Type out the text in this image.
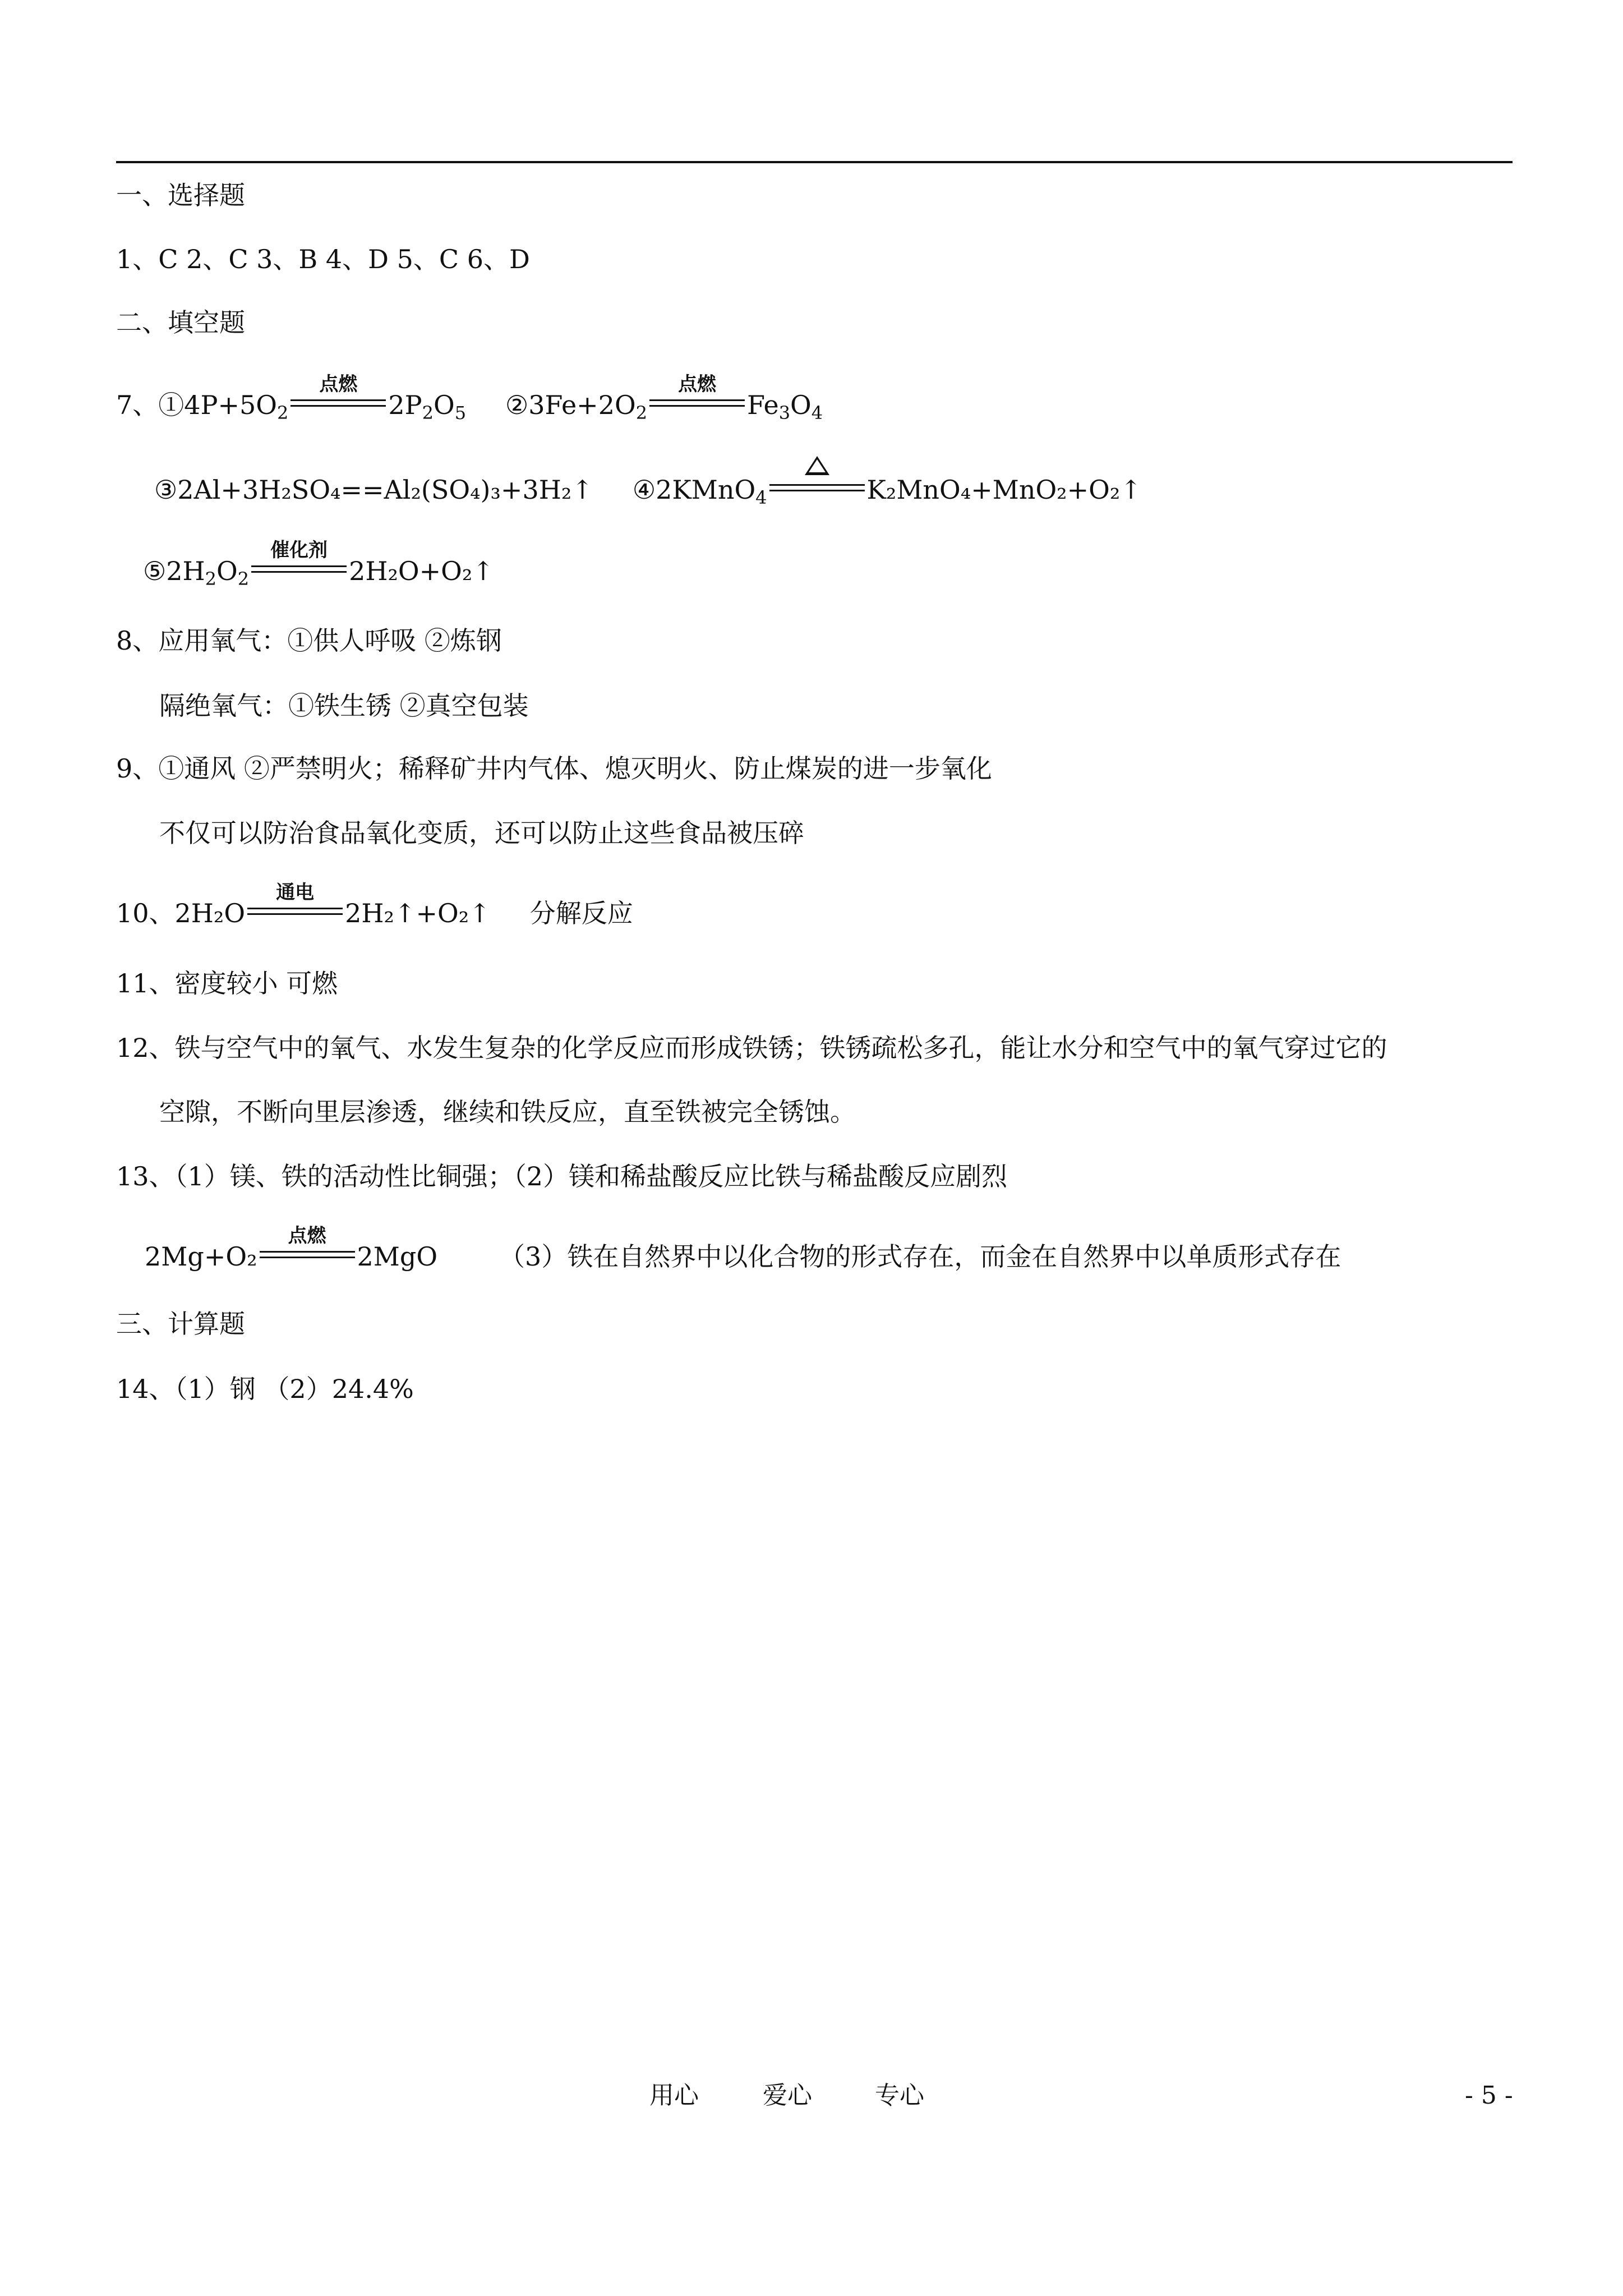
一、选择题
1、C 2、C 3、B 4、D 5、C 6、D
二、填空题
7、$①4P+5O_2$
点燃
$2P_2O_5$ $②3Fe+2O_2$
点燃
$Fe_3O_4$
③2Al+3H₂SO₄==Al₂(SO₄)₃+3H₂↑ ④2KMnO$_4$	K₂MnO₄+MnO₂+O₂↑
$⑤2H_2O_2$
催化剂
2H₂O+O₂↑
8、应用氧气：①供人呼吸 ②炼钢
隔绝氧气：①铁生锈 ②真空包装
9、①通风 ②严禁明火；稀释矿井内气体、熄灭明火、防止煤炭的进一步氧化
不仅可以防治食品氧化变质，还可以防止这些食品被压碎
10、2H₂O
通电
2H₂↑+O₂↑ 分解反应
11、密度较小 可燃
12、铁与空气中的氧气、水发生复杂的化学反应而形成铁锈；铁锈疏松多孔，能让水分和空气中的氧气穿过它的
空隙，不断向里层渗透，继续和铁反应，直至铁被完全锈蚀。
13、（1）镁、铁的活动性比铜强；（2）镁和稀盐酸反应比铁与稀盐酸反应剧烈
2Mg+O₂
点燃
2MgO （3）铁在自然界中以化合物的形式存在，而金在自然界中以单质形式存在
三、计算题
14、（1）钢 （2）24.4%
用心	爱心	专心	- 5 -
